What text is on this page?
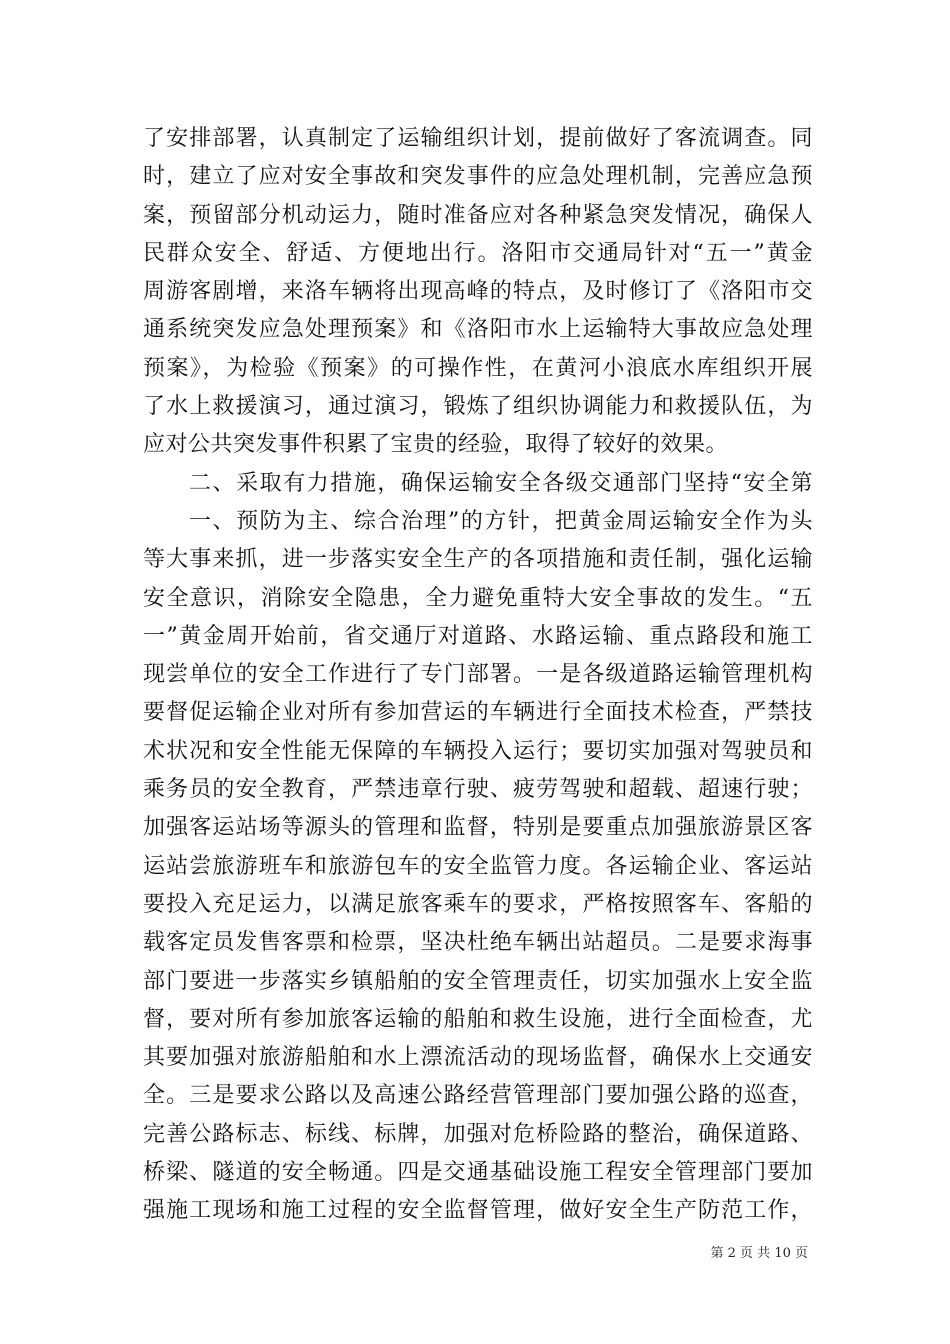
了安排部署，认真制定了运输组织计划，提前做好了客流调查。同
时，建立了应对安全事故和突发事件的应急处理机制，完善应急预
案，预留部分机动运力，随时准备应对各种紧急突发情况，确保人
民群众安全、舒适、方便地出行。洛阳市交通局针对“五一”黄金
周游客剧增，来洛车辆将出现高峰的特点，及时修订了《洛阳市交
通系统突发应急处理预案》和《洛阳市水上运输特大事故应急处理
预案》，为检验《预案》的可操作性，在黄河小浪底水库组织开展
了水上救援演习，通过演习，锻炼了组织协调能力和救援队伍，为
应对公共突发事件积累了宝贵的经验，取得了较好的效果。
二、采取有力措施，确保运输安全各级交通部门坚持“安全第
一、预防为主、综合治理”的方针，把黄金周运输安全作为头
等大事来抓，进一步落实安全生产的各项措施和责任制，强化运输
安全意识，消除安全隐患，全力避免重特大安全事故的发生。“五
一”黄金周开始前，省交通厅对道路、水路运输、重点路段和施工
现尝单位的安全工作进行了专门部署。一是各级道路运输管理机构
要督促运输企业对所有参加营运的车辆进行全面技术检查，严禁技
术状况和安全性能无保障的车辆投入运行；要切实加强对驾驶员和
乘务员的安全教育，严禁违章行驶、疲劳驾驶和超载、超速行驶；
加强客运站场等源头的管理和监督，特别是要重点加强旅游景区客
运站尝旅游班车和旅游包车的安全监管力度。各运输企业、客运站
要投入充足运力，以满足旅客乘车的要求，严格按照客车、客船的
载客定员发售客票和检票，坚决杜绝车辆出站超员。二是要求海事
部门要进一步落实乡镇船舶的安全管理责任，切实加强水上安全监
督，要对所有参加旅客运输的船舶和救生设施，进行全面检查，尤
其要加强对旅游船舶和水上漂流活动的现场监督，确保水上交通安
全。三是要求公路以及高速公路经营管理部门要加强公路的巡查，
完善公路标志、标线、标牌，加强对危桥险路的整治，确保道路、
桥梁、隧道的安全畅通。四是交通基础设施工程安全管理部门要加
强施工现场和施工过程的安全监督管理，做好安全生产防范工作，
第 2 页 共 10 页
